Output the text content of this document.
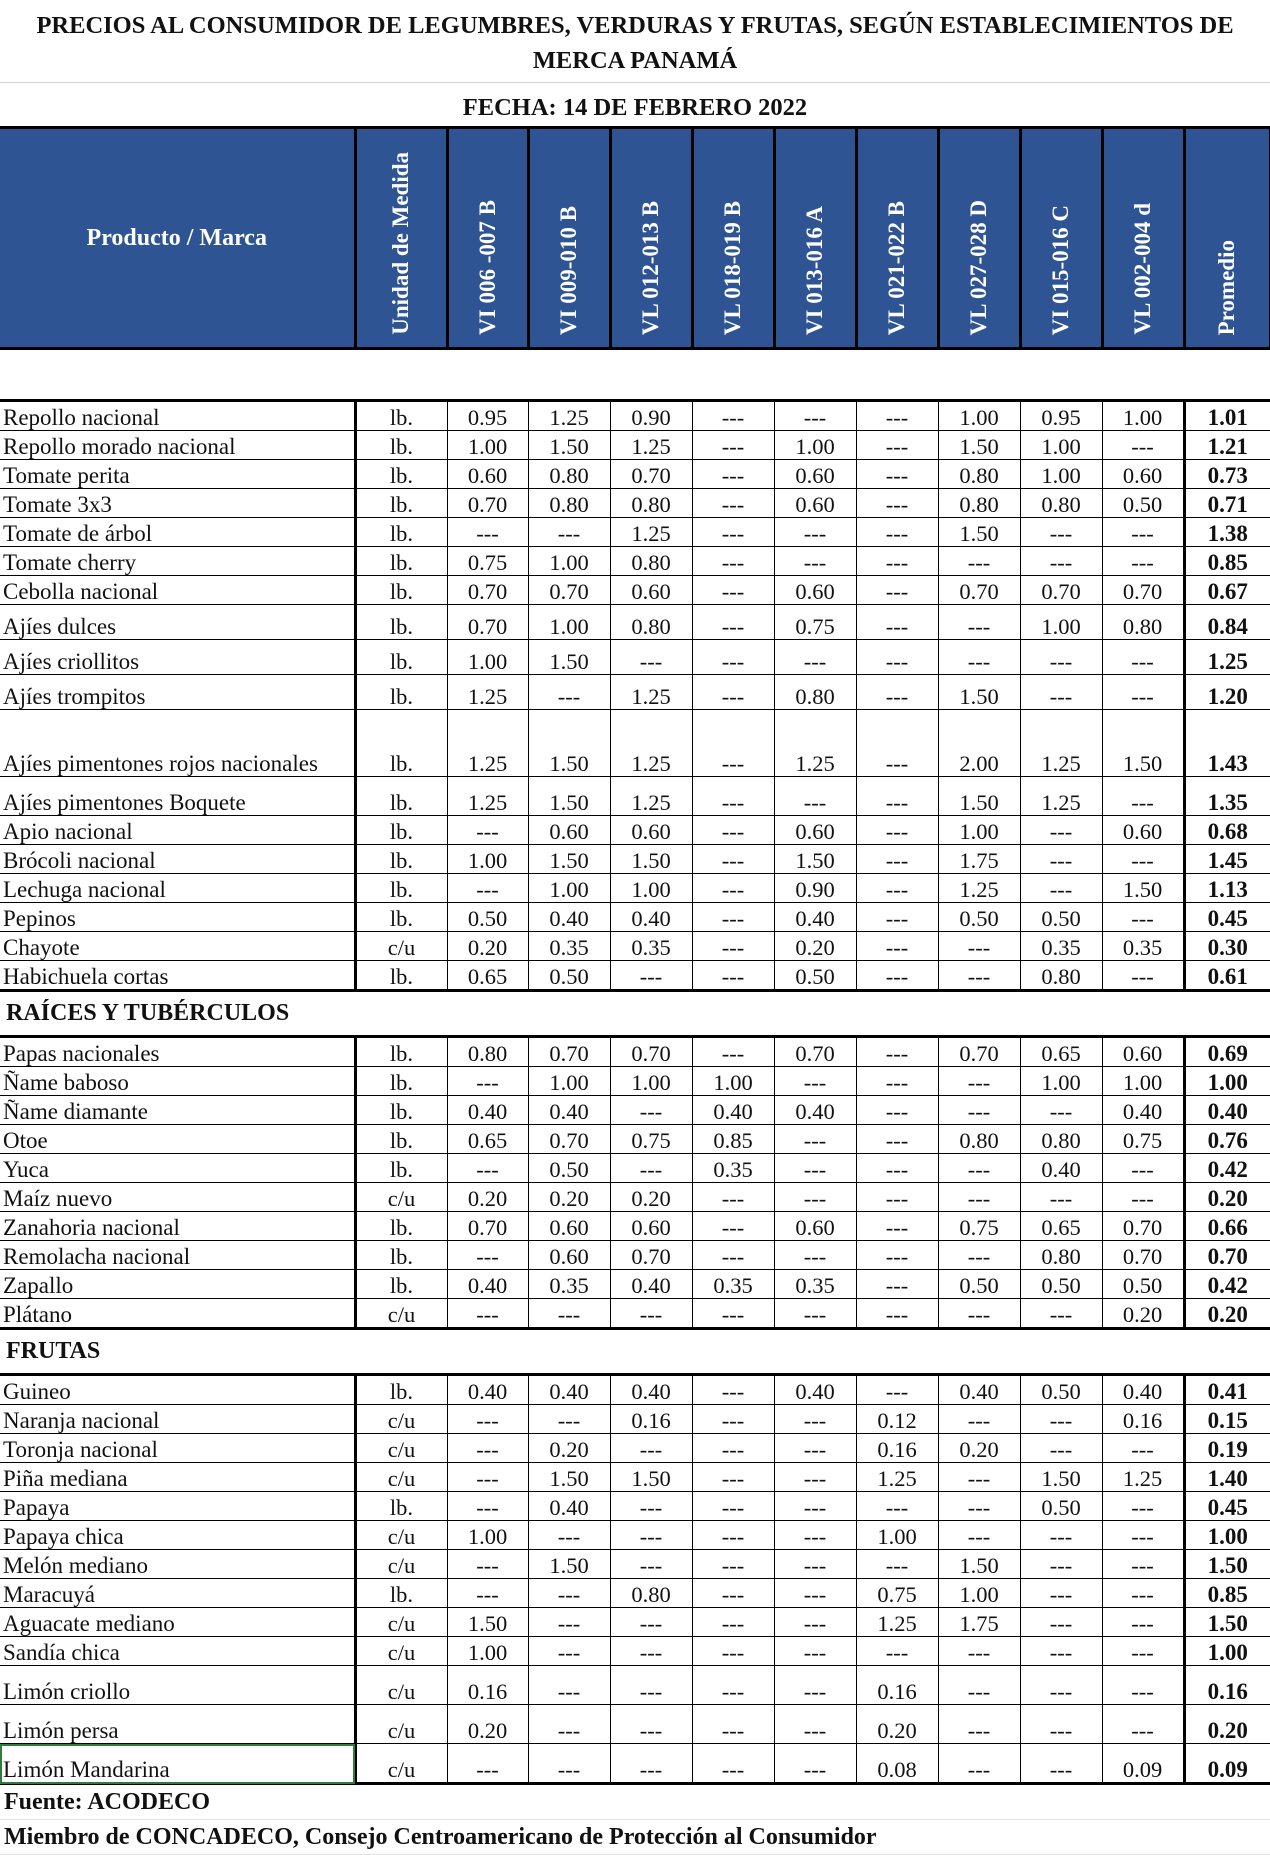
PRECIOS AL CONSUMIDOR DE LEGUMBRES, VERDURAS Y FRUTAS, SEGÚN ESTABLECIMIENTOS DE MERCA PANAMÁ
FECHA: 14 DE FEBRERO 2022
Producto / Marca	Unidad de Medida	VI 006 -007 B	VI 009-010 B	VL 012-013 B	VL 018-019 B	VI 013-016 A	VL 021-022 B	VL 027-028 D	VI 015-016 C	VL 002-004 d	Promedio

Repollo nacional	lb.	0.95	1.25	0.90	---	---	---	1.00	0.95	1.00	1.01
Repollo morado nacional	lb.	1.00	1.50	1.25	---	1.00	---	1.50	1.00	---	1.21
Tomate perita	lb.	0.60	0.80	0.70	---	0.60	---	0.80	1.00	0.60	0.73
Tomate 3x3	lb.	0.70	0.80	0.80	---	0.60	---	0.80	0.80	0.50	0.71
Tomate de árbol	lb.	---	---	1.25	---	---	---	1.50	---	---	1.38
Tomate cherry	lb.	0.75	1.00	0.80	---	---	---	---	---	---	0.85
Cebolla nacional	lb.	0.70	0.70	0.60	---	0.60	---	0.70	0.70	0.70	0.67
Ajíes dulces	lb.	0.70	1.00	0.80	---	0.75	---	---	1.00	0.80	0.84
Ajíes criollitos	lb.	1.00	1.50	---	---	---	---	---	---	---	1.25
Ajíes trompitos	lb.	1.25	---	1.25	---	0.80	---	1.50	---	---	1.20
Ajíes pimentones rojos nacionales	lb.	1.25	1.50	1.25	---	1.25	---	2.00	1.25	1.50	1.43
Ajíes pimentones Boquete	lb.	1.25	1.50	1.25	---	---	---	1.50	1.25	---	1.35
Apio nacional	lb.	---	0.60	0.60	---	0.60	---	1.00	---	0.60	0.68
Brócoli nacional	lb.	1.00	1.50	1.50	---	1.50	---	1.75	---	---	1.45
Lechuga nacional	lb.	---	1.00	1.00	---	0.90	---	1.25	---	1.50	1.13
Pepinos	lb.	0.50	0.40	0.40	---	0.40	---	0.50	0.50	---	0.45
Chayote	c/u	0.20	0.35	0.35	---	0.20	---	---	0.35	0.35	0.30
Habichuela cortas	lb.	0.65	0.50	---	---	0.50	---	---	0.80	---	0.61
RAÍCES Y TUBÉRCULOS											
Papas nacionales	lb.	0.80	0.70	0.70	---	0.70	---	0.70	0.65	0.60	0.69
Ñame baboso	lb.	---	1.00	1.00	1.00	---	---	---	1.00	1.00	1.00
Ñame diamante	lb.	0.40	0.40	---	0.40	0.40	---	---	---	0.40	0.40
Otoe	lb.	0.65	0.70	0.75	0.85	---	---	0.80	0.80	0.75	0.76
Yuca	lb.	---	0.50	---	0.35	---	---	---	0.40	---	0.42
Maíz nuevo	c/u	0.20	0.20	0.20	---	---	---	---	---	---	0.20
Zanahoria nacional	lb.	0.70	0.60	0.60	---	0.60	---	0.75	0.65	0.70	0.66
Remolacha nacional	lb.	---	0.60	0.70	---	---	---	---	0.80	0.70	0.70
Zapallo	lb.	0.40	0.35	0.40	0.35	0.35	---	0.50	0.50	0.50	0.42
Plátano	c/u	---	---	---	---	---	---	---	---	0.20	0.20
FRUTAS											
Guineo	lb.	0.40	0.40	0.40	---	0.40	---	0.40	0.50	0.40	0.41
Naranja nacional	c/u	---	---	0.16	---	---	0.12	---	---	0.16	0.15
Toronja nacional	c/u	---	0.20	---	---	---	0.16	0.20	---	---	0.19
Piña mediana	c/u	---	1.50	1.50	---	---	1.25	---	1.50	1.25	1.40
Papaya	lb.	---	0.40	---	---	---	---	---	0.50	---	0.45
Papaya chica	c/u	1.00	---	---	---	---	1.00	---	---	---	1.00
Melón mediano	c/u	---	1.50	---	---	---	---	1.50	---	---	1.50
Maracuyá	lb.	---	---	0.80	---	---	0.75	1.00	---	---	0.85
Aguacate mediano	c/u	1.50	---	---	---	---	1.25	1.75	---	---	1.50
Sandía chica	c/u	1.00	---	---	---	---	---	---	---	---	1.00
Limón criollo	c/u	0.16	---	---	---	---	0.16	---	---	---	0.16
Limón persa	c/u	0.20	---	---	---	---	0.20	---	---	---	0.20
Limón Mandarina	c/u	---	---	---	---	---	0.08	---	---	0.09	0.09
Fuente: ACODECO											
Miembro de CONCADECO, Consejo Centroamericano de Protección al Consumidor											
